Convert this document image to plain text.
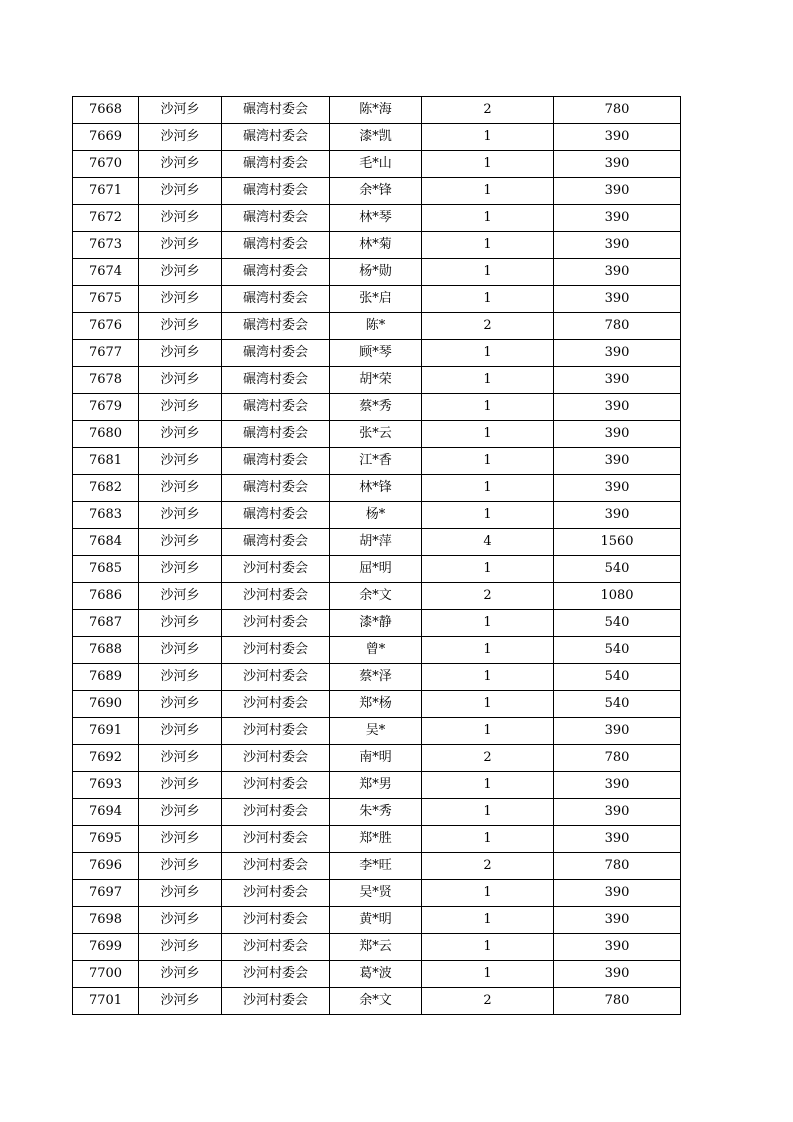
7668	沙河乡	碾湾村委会	陈*海	2	780
7669	沙河乡	碾湾村委会	漆*凯	1	390
7670	沙河乡	碾湾村委会	毛*山	1	390
7671	沙河乡	碾湾村委会	余*锋	1	390
7672	沙河乡	碾湾村委会	林*琴	1	390
7673	沙河乡	碾湾村委会	林*菊	1	390
7674	沙河乡	碾湾村委会	杨*勋	1	390
7675	沙河乡	碾湾村委会	张*启	1	390
7676	沙河乡	碾湾村委会	陈*	2	780
7677	沙河乡	碾湾村委会	顾*琴	1	390
7678	沙河乡	碾湾村委会	胡*荣	1	390
7679	沙河乡	碾湾村委会	蔡*秀	1	390
7680	沙河乡	碾湾村委会	张*云	1	390
7681	沙河乡	碾湾村委会	江*香	1	390
7682	沙河乡	碾湾村委会	林*锋	1	390
7683	沙河乡	碾湾村委会	杨*	1	390
7684	沙河乡	碾湾村委会	胡*萍	4	1560
7685	沙河乡	沙河村委会	屈*明	1	540
7686	沙河乡	沙河村委会	余*文	2	1080
7687	沙河乡	沙河村委会	漆*静	1	540
7688	沙河乡	沙河村委会	曾*	1	540
7689	沙河乡	沙河村委会	蔡*泽	1	540
7690	沙河乡	沙河村委会	郑*杨	1	540
7691	沙河乡	沙河村委会	吴*	1	390
7692	沙河乡	沙河村委会	南*明	2	780
7693	沙河乡	沙河村委会	郑*男	1	390
7694	沙河乡	沙河村委会	朱*秀	1	390
7695	沙河乡	沙河村委会	郑*胜	1	390
7696	沙河乡	沙河村委会	李*旺	2	780
7697	沙河乡	沙河村委会	吴*贤	1	390
7698	沙河乡	沙河村委会	黄*明	1	390
7699	沙河乡	沙河村委会	郑*云	1	390
7700	沙河乡	沙河村委会	葛*波	1	390
7701	沙河乡	沙河村委会	余*文	2	780
